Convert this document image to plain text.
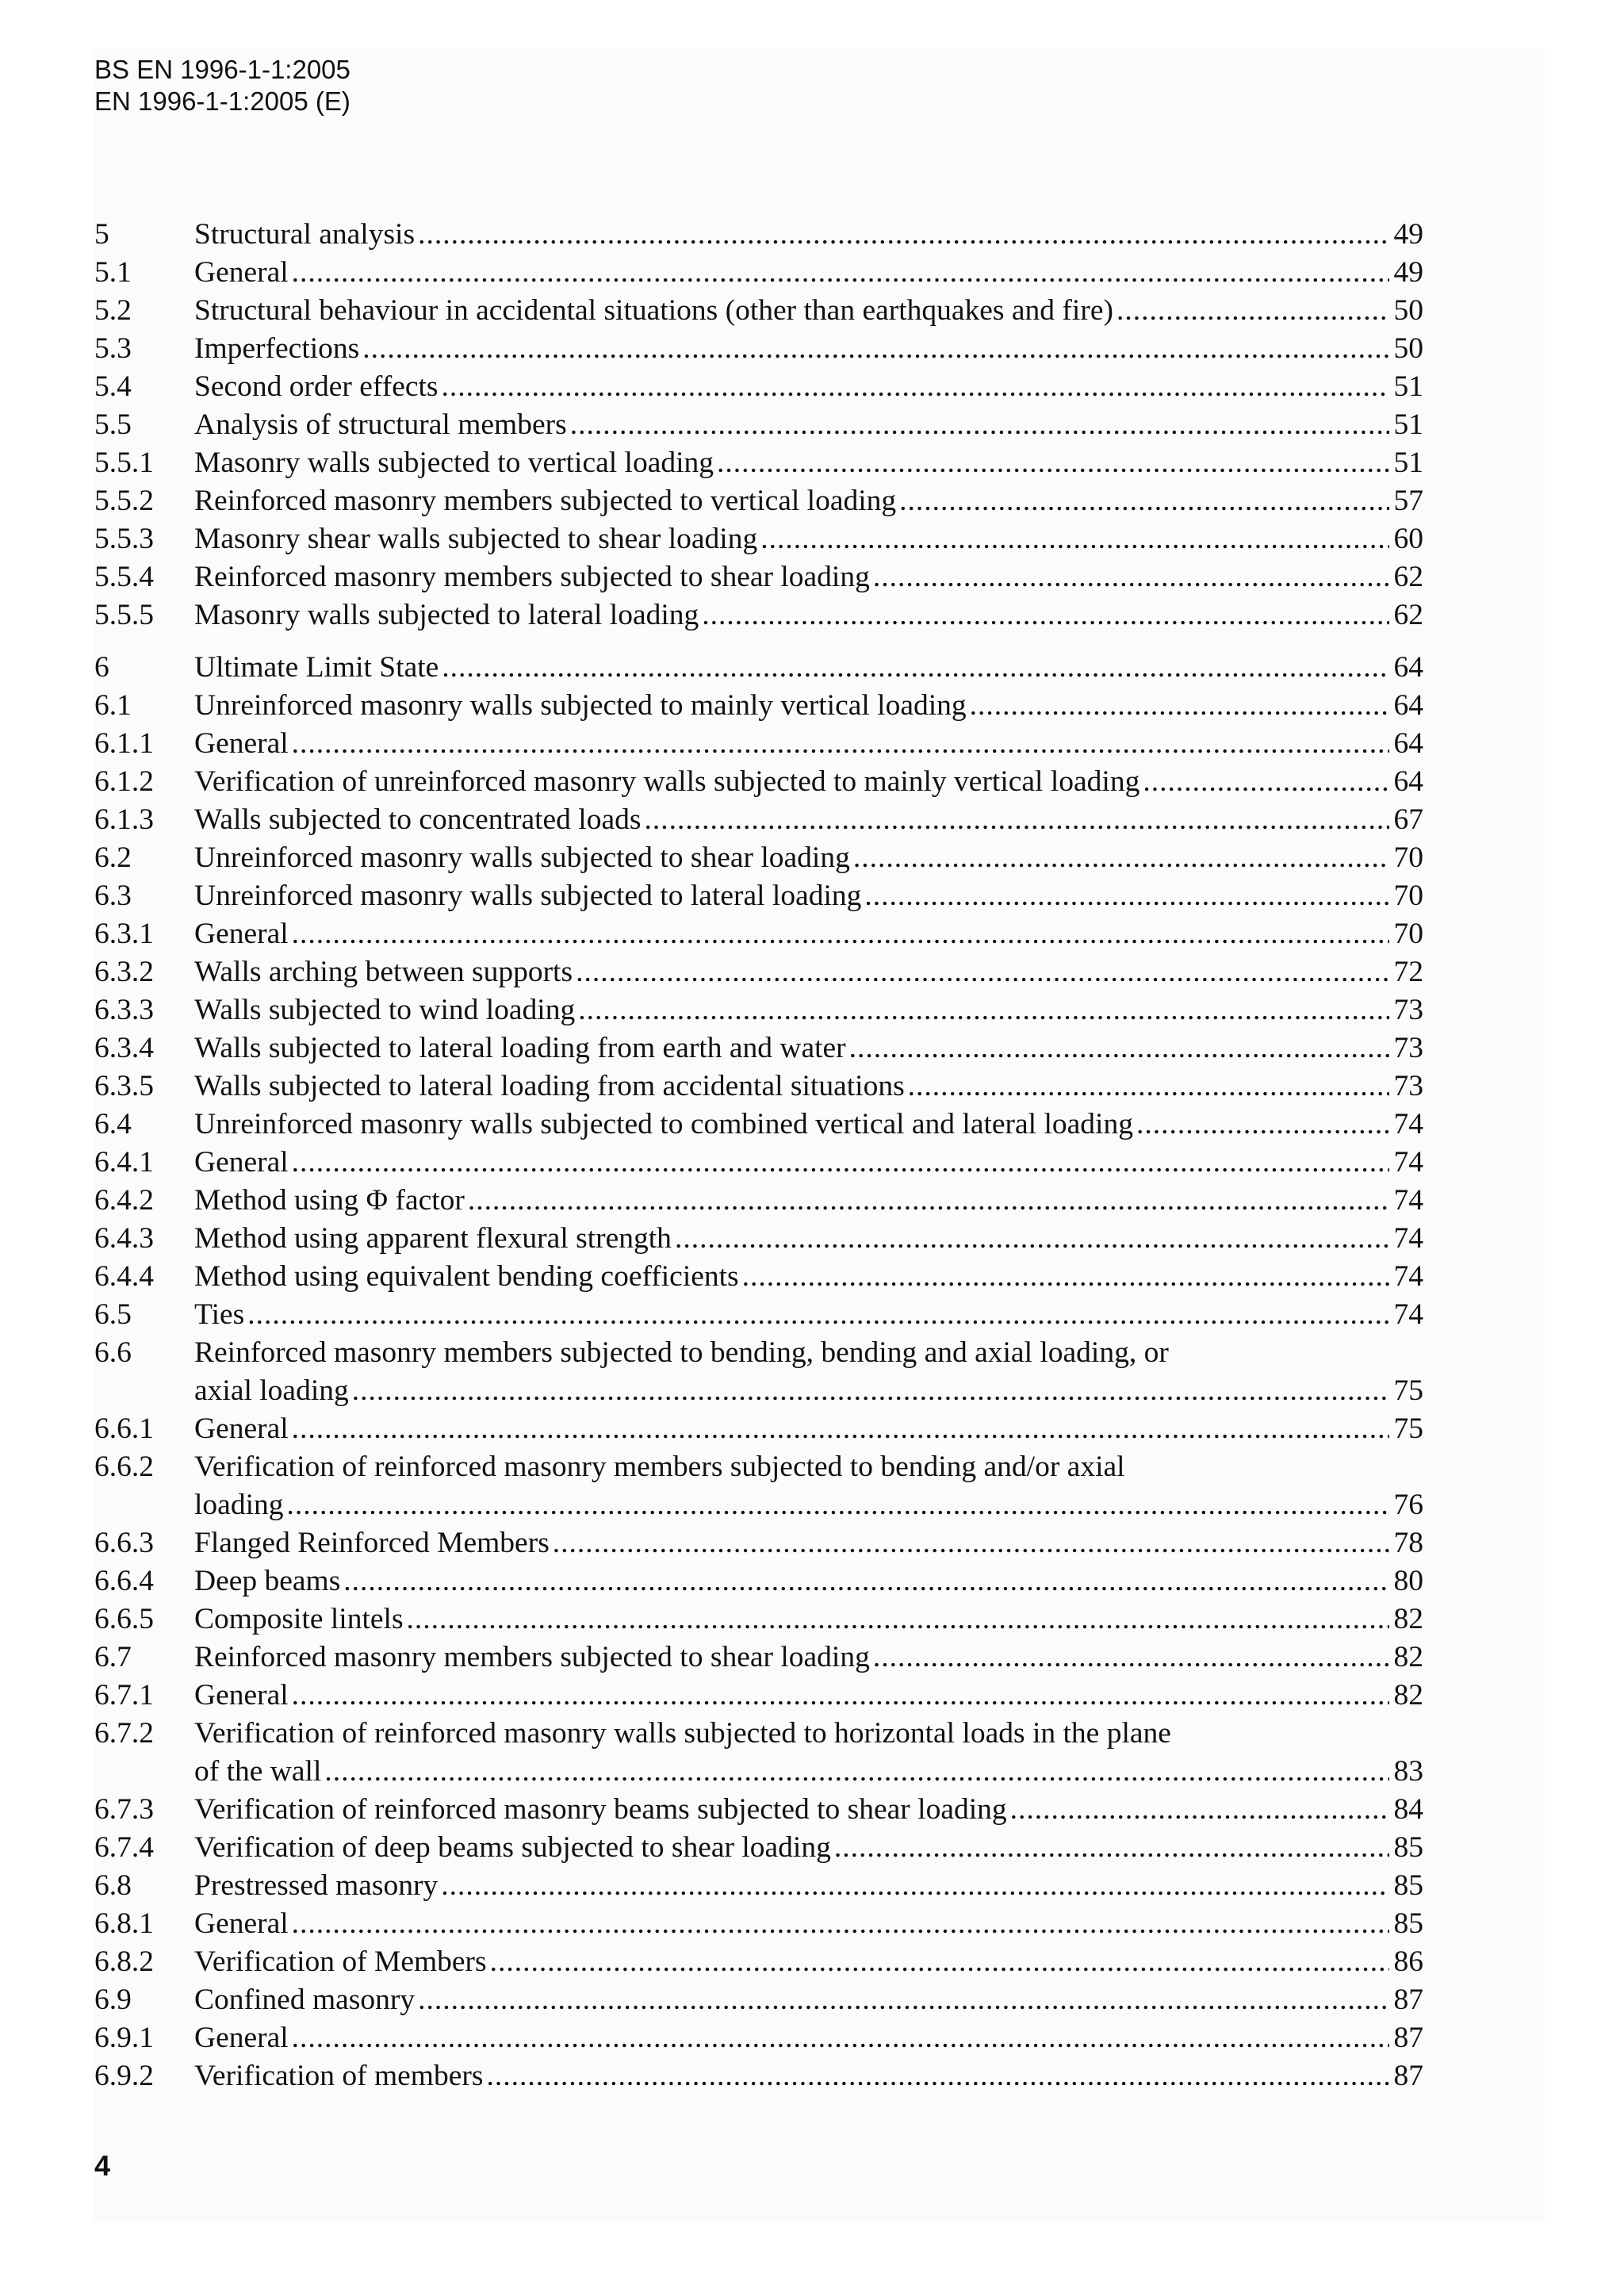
BS EN 1996-1-1:2005
EN 1996-1-1:2005 (E)
5	Structural analysis .....	49
5.1	General .....	49
5.2	Structural behaviour in accidental situations (other than earthquakes and fire) .....	50
5.3	Imperfections .....	50
5.4	Second order effects .....	51
5.5	Analysis of structural members .....	51
5.5.1	Masonry walls subjected to vertical loading .....	51
5.5.2	Reinforced masonry members subjected to vertical loading .....	57
5.5.3	Masonry shear walls subjected to shear loading .....	60
5.5.4	Reinforced masonry members subjected to shear loading .....	62
5.5.5	Masonry walls subjected to lateral loading .....	62
6	Ultimate Limit State .....	64
6.1	Unreinforced masonry walls subjected to mainly vertical loading .....	64
6.1.1	General .....	64
6.1.2	Verification of unreinforced masonry walls subjected to mainly vertical loading .....	64
6.1.3	Walls subjected to concentrated loads .....	67
6.2	Unreinforced masonry walls subjected to shear loading .....	70
6.3	Unreinforced masonry walls subjected to lateral loading .....	70
6.3.1	General .....	70
6.3.2	Walls arching between supports .....	72
6.3.3	Walls subjected to wind loading .....	73
6.3.4	Walls subjected to lateral loading from earth and water .....	73
6.3.5	Walls subjected to lateral loading from accidental situations .....	73
6.4	Unreinforced masonry walls subjected to combined vertical and lateral loading .....	74
6.4.1	General .....	74
6.4.2	Method using Φ factor .....	74
6.4.3	Method using apparent flexural strength .....	74
6.4.4	Method using equivalent bending coefficients .....	74
6.5	Ties .....	74
6.6	Reinforced masonry members subjected to bending, bending and axial loading, or
axial loading .....	75
6.6.1	General .....	75
6.6.2	Verification of reinforced masonry members subjected to bending and/or axial
loading .....	76
6.6.3	Flanged Reinforced Members .....	78
6.6.4	Deep beams .....	80
6.6.5	Composite lintels .....	82
6.7	Reinforced masonry members subjected to shear loading .....	82
6.7.1	General .....	82
6.7.2	Verification of reinforced masonry walls subjected to horizontal loads in the plane
of the wall .....	83
6.7.3	Verification of reinforced masonry beams subjected to shear loading .....	84
6.7.4	Verification of deep beams subjected to shear loading .....	85
6.8	Prestressed masonry .....	85
6.8.1	General .....	85
6.8.2	Verification of Members .....	86
6.9	Confined masonry .....	87
6.9.1	General .....	87
6.9.2	Verification of members .....	87
4
